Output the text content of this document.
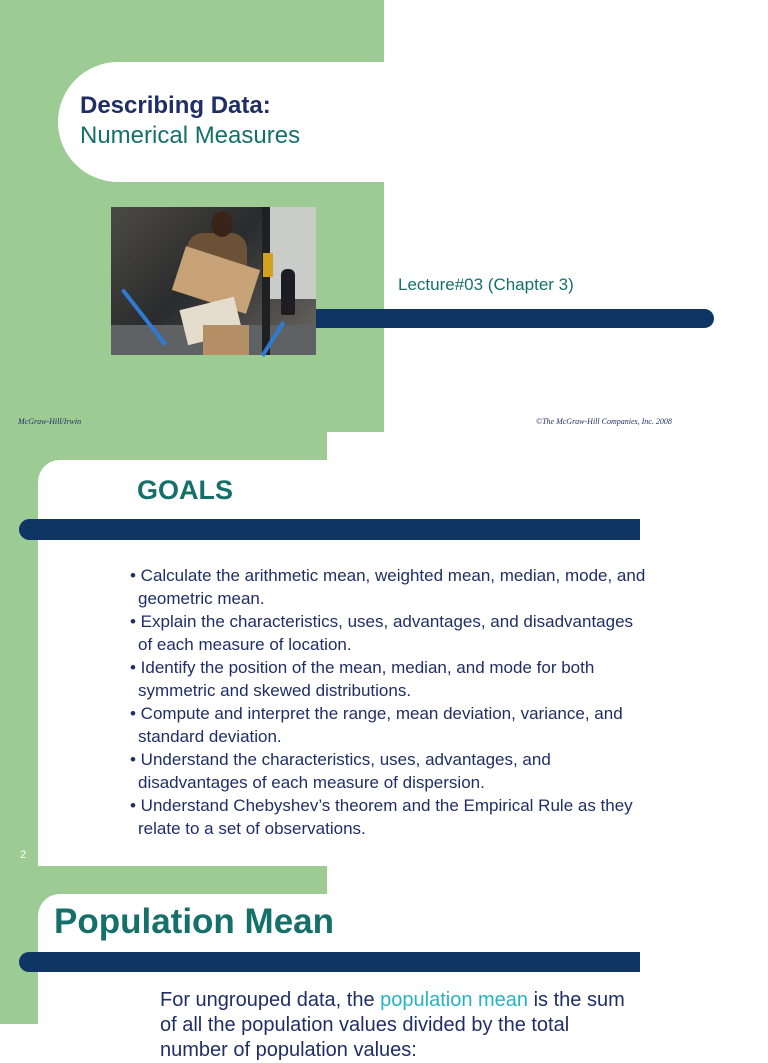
Describing Data:
Numerical Measures
Lecture#03 (Chapter 3)
McGraw-Hill/Irwin	©The McGraw-Hill Companies, Inc. 2008
GOALS
• Calculate the arithmetic mean, weighted mean, median, mode, and geometric mean.
• Explain the characteristics, uses, advantages, and disadvantages of each measure of location.
• Identify the position of the mean, median, and mode for both symmetric and skewed distributions.
• Compute and interpret the range, mean deviation, variance, and standard deviation.
• Understand the characteristics, uses, advantages, and disadvantages of each measure of dispersion.
• Understand Chebyshev’s theorem and the Empirical Rule as they relate to a set of observations.
2
Population Mean
For ungrouped data, the population mean is the sum of all the population values divided by the total number of population values:
